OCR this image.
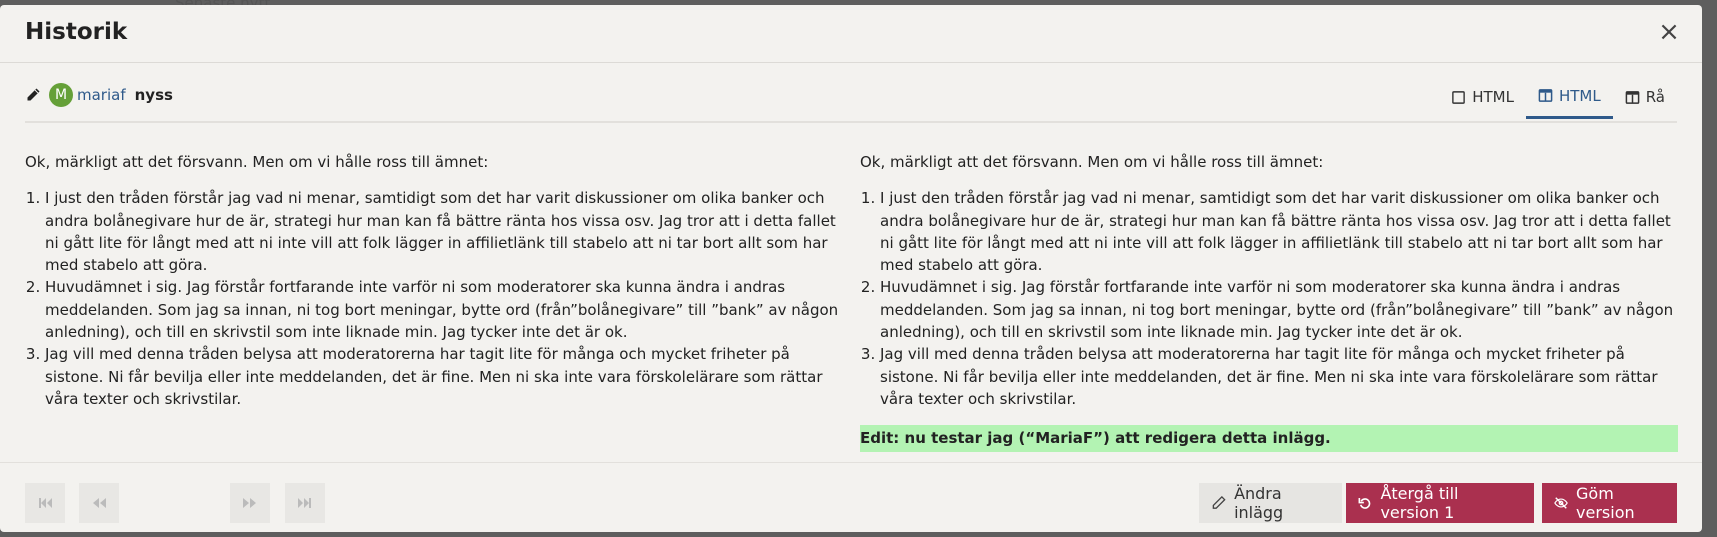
Historik	×
M mariaf nyss	HTML	HTML	Rå

Ok, märkligt att det försvann. Men om vi hålle ross till ämnet:

1. I just den tråden förstår jag vad ni menar, samtidigt som det har varit diskussioner om olika banker och andra bolånegivare hur de är, strategi hur man kan få bättre ränta hos vissa osv. Jag tror att i detta fallet ni gått lite för långt med att ni inte vill att folk lägger in affilietlänk till stabelo att ni tar bort allt som har med stabelo att göra.
2. Huvudämnet i sig. Jag förstår fortfarande inte varför ni som moderatorer ska kunna ändra i andras meddelanden. Som jag sa innan, ni tog bort meningar, bytte ord (från”bolånegivare” till ”bank” av någon anledning), och till en skrivstil som inte liknade min. Jag tycker inte det är ok.
3. Jag vill med denna tråden belysa att moderatorerna har tagit lite för många och mycket friheter på sistone. Ni får bevilja eller inte meddelanden, det är fine. Men ni ska inte vara förskolelärare som rättar våra texter och skrivstilar.

Ok, märkligt att det försvann. Men om vi hålle ross till ämnet:

1. I just den tråden förstår jag vad ni menar, samtidigt som det har varit diskussioner om olika banker och andra bolånegivare hur de är, strategi hur man kan få bättre ränta hos vissa osv. Jag tror att i detta fallet ni gått lite för långt med att ni inte vill att folk lägger in affilietlänk till stabelo att ni tar bort allt som har med stabelo att göra.
2. Huvudämnet i sig. Jag förstår fortfarande inte varför ni som moderatorer ska kunna ändra i andras meddelanden. Som jag sa innan, ni tog bort meningar, bytte ord (från”bolånegivare” till ”bank” av någon anledning), och till en skrivstil som inte liknade min. Jag tycker inte det är ok.
3. Jag vill med denna tråden belysa att moderatorerna har tagit lite för många och mycket friheter på sistone. Ni får bevilja eller inte meddelanden, det är fine. Men ni ska inte vara förskolelärare som rättar våra texter och skrivstilar.
Edit: nu testar jag (“MariaF”) att redigera detta inlägg.
Ändra inlägg
Återgå till version 1
Göm version
